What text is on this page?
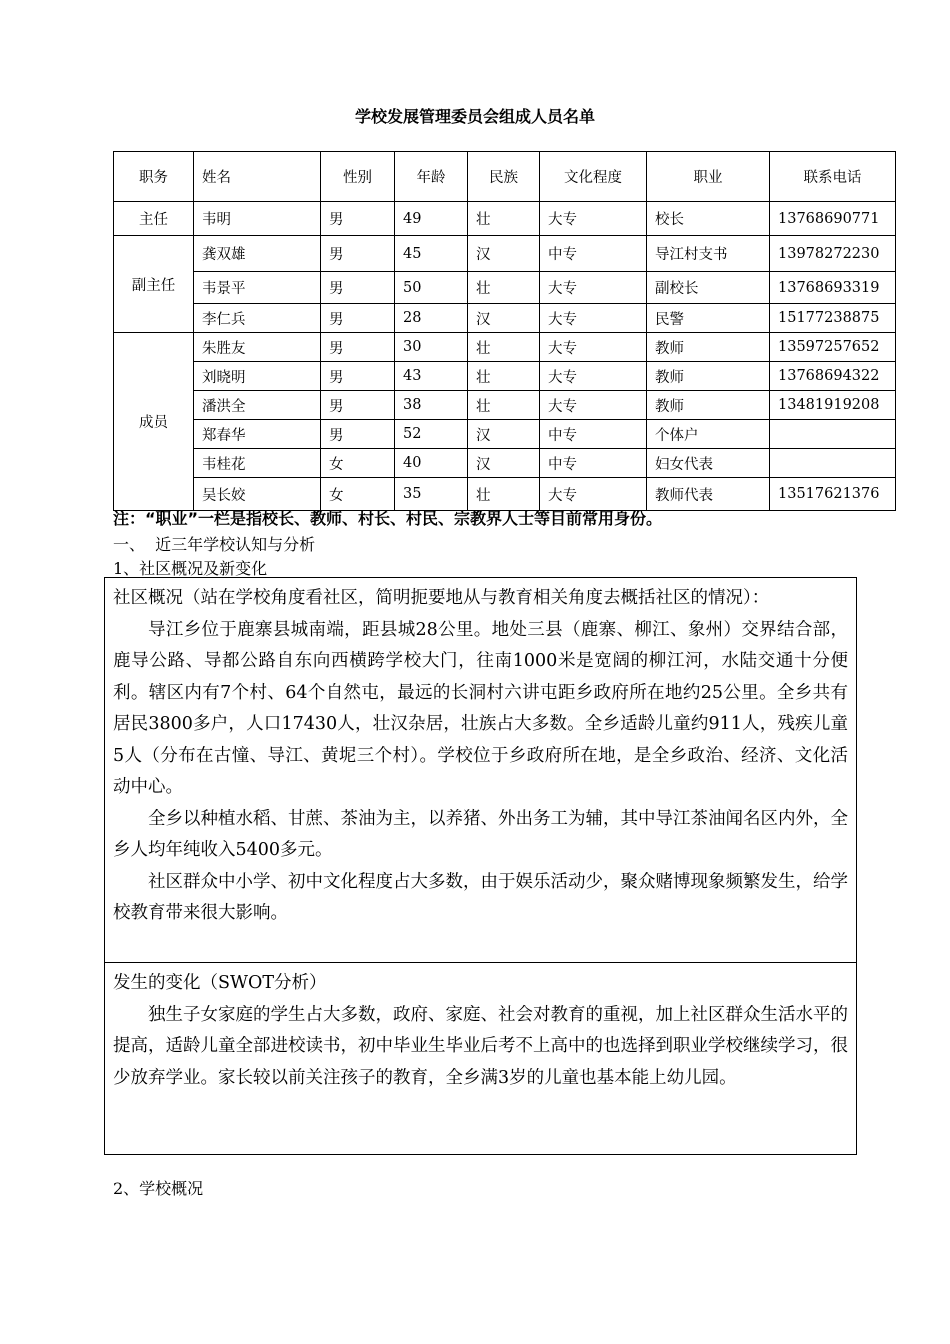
学校发展管理委员会组成人员名单
职务	姓名	性别	年龄	民族	文化程度	职业	联系电话
主任	韦明	男	49	壮	大专	校长	13768690771
副主任	龚双雄	男	45	汉	中专	导江村支书	13978272230
	韦景平	男	50	壮	大专	副校长	13768693319
	李仁兵	男	28	汉	大专	民警	15177238875
成员	朱胜友	男	30	壮	大专	教师	13597257652
	刘晓明	男	43	壮	大专	教师	13768694322
	潘洪全	男	38	壮	大专	教师	13481919208
	郑春华	男	52	汉	中专	个体户	
	韦桂花	女	40	汉	中专	妇女代表	
	吴长姣	女	35	壮	大专	教师代表	13517621376
注：“职业”一栏是指校长、教师、村长、村民、宗教界人士等目前常用身份。
一、  近三年学校认知与分析
1、社区概况及新变化

社区概况（站在学校角度看社区，简明扼要地从与教育相关角度去概括社区的情况）：

导江乡位于鹿寨县城南端，距县城28公里。地处三县（鹿寨、柳江、象州）交界结合部，鹿导公路、导都公路自东向西横跨学校大门，往南1000米是宽阔的柳江河，水陆交通十分便利。辖区内有7个村、64个自然屯，最远的长洞村六讲屯距乡政府所在地约25公里。全乡共有居民3800多户，人口17430人，壮汉杂居，壮族占大多数。全乡适龄儿童约911人，残疾儿童5人（分布在古憧、导江、黄坭三个村）。学校位于乡政府所在地，是全乡政治、经济、文化活动中心。

全乡以种植水稻、甘蔗、茶油为主，以养猪、外出务工为辅，其中导江茶油闻名区内外，全乡人均年纯收入5400多元。

社区群众中小学、初中文化程度占大多数，由于娱乐活动少，聚众赌博现象频繁发生，给学校教育带来很大影响。

发生的变化（SWOT分析）

独生子女家庭的学生占大多数，政府、家庭、社会对教育的重视，加上社区群众生活水平的提高，适龄儿童全部进校读书，初中毕业生毕业后考不上高中的也选择到职业学校继续学习，很少放弃学业。家长较以前关注孩子的教育，全乡满3岁的儿童也基本能上幼儿园。

2、学校概况
